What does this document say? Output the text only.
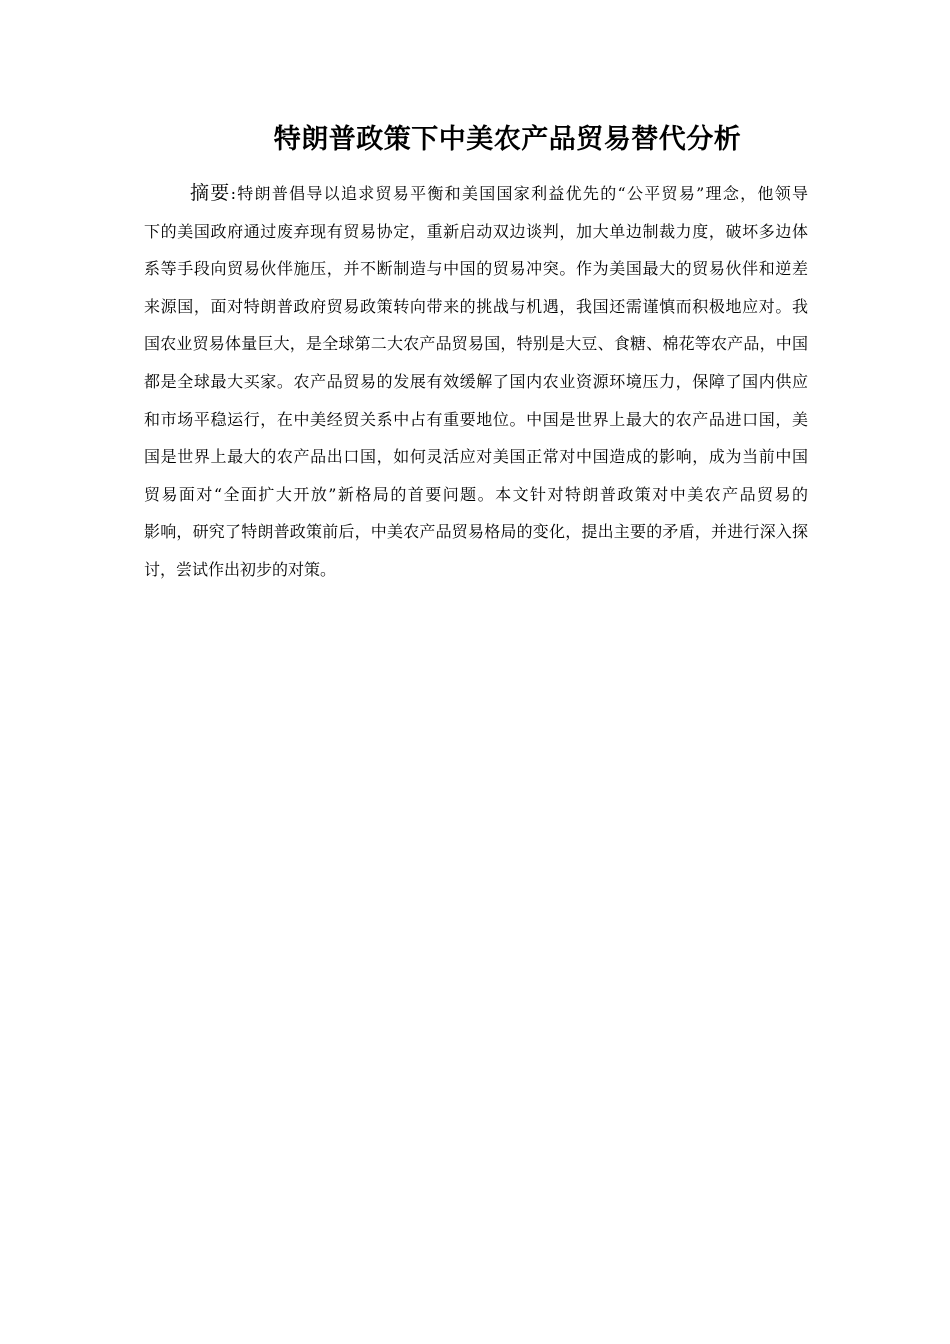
特朗普政策下中美农产品贸易替代分析
摘要:特朗普倡导以追求贸易平衡和美国国家利益优先的“公平贸易”理念，他领导
下的美国政府通过废弃现有贸易协定，重新启动双边谈判，加大单边制裁力度，破坏多边体
系等手段向贸易伙伴施压，并不断制造与中国的贸易冲突。作为美国最大的贸易伙伴和逆差
来源国，面对特朗普政府贸易政策转向带来的挑战与机遇，我国还需谨慎而积极地应对。我
国农业贸易体量巨大，是全球第二大农产品贸易国，特别是大豆、食糖、棉花等农产品，中国
都是全球最大买家。农产品贸易的发展有效缓解了国内农业资源环境压力，保障了国内供应
和市场平稳运行，在中美经贸关系中占有重要地位。中国是世界上最大的农产品进口国，美
国是世界上最大的农产品出口国，如何灵活应对美国正常对中国造成的影响，成为当前中国
贸易面对“全面扩大开放”新格局的首要问题。本文针对特朗普政策对中美农产品贸易的
影响，研究了特朗普政策前后，中美农产品贸易格局的变化，提出主要的矛盾，并进行深入探
讨，尝试作出初步的对策。
